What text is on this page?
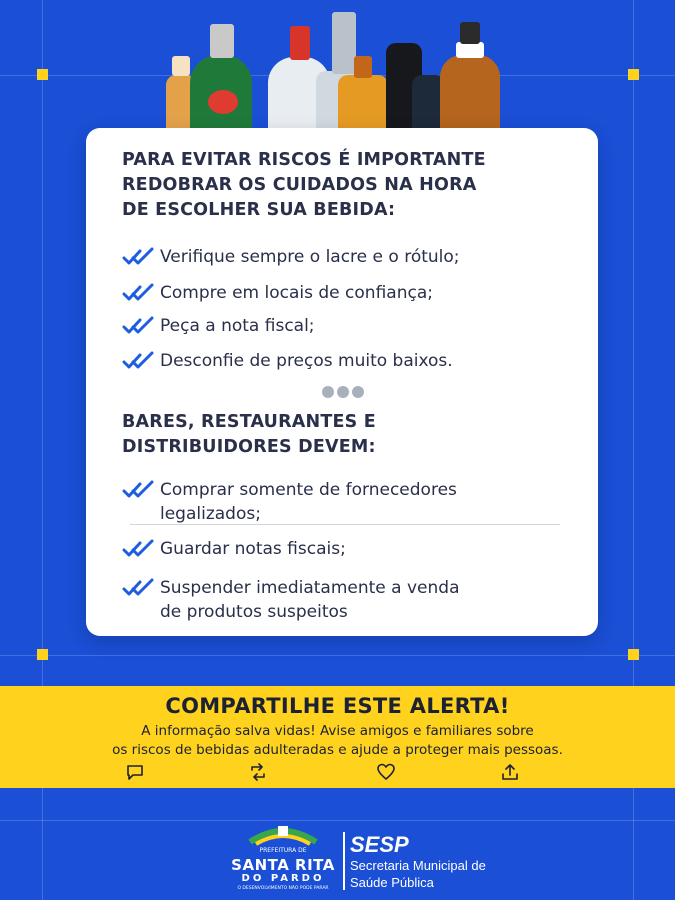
PARA EVITAR RISCOS É IMPORTANTE
REDOBRAR OS CUIDADOS NA HORA
DE ESCOLHER SUA BEBIDA:
Verifique sempre o lacre e o rótulo;
Compre em locais de confiança;
Peça a nota fiscal;
Desconfie de preços muito baixos.
BARES, RESTAURANTES E
DISTRIBUIDORES DEVEM:
Comprar somente de fornecedores
legalizados;
Guardar notas fiscais;
Suspender imediatamente a venda
de produtos suspeitos
COMPARTILHE ESTE ALERTA!
A informação salva vidas! Avise amigos e familiares sobre
os riscos de bebidas adulteradas e ajude a proteger mais pessoas.
PREFEITURA DE
SANTA RITA
DO PARDO
O DESENVOLVIMENTO NÃO PODE PARAR
SESP
Secretaria Municipal de
Saúde Pública
